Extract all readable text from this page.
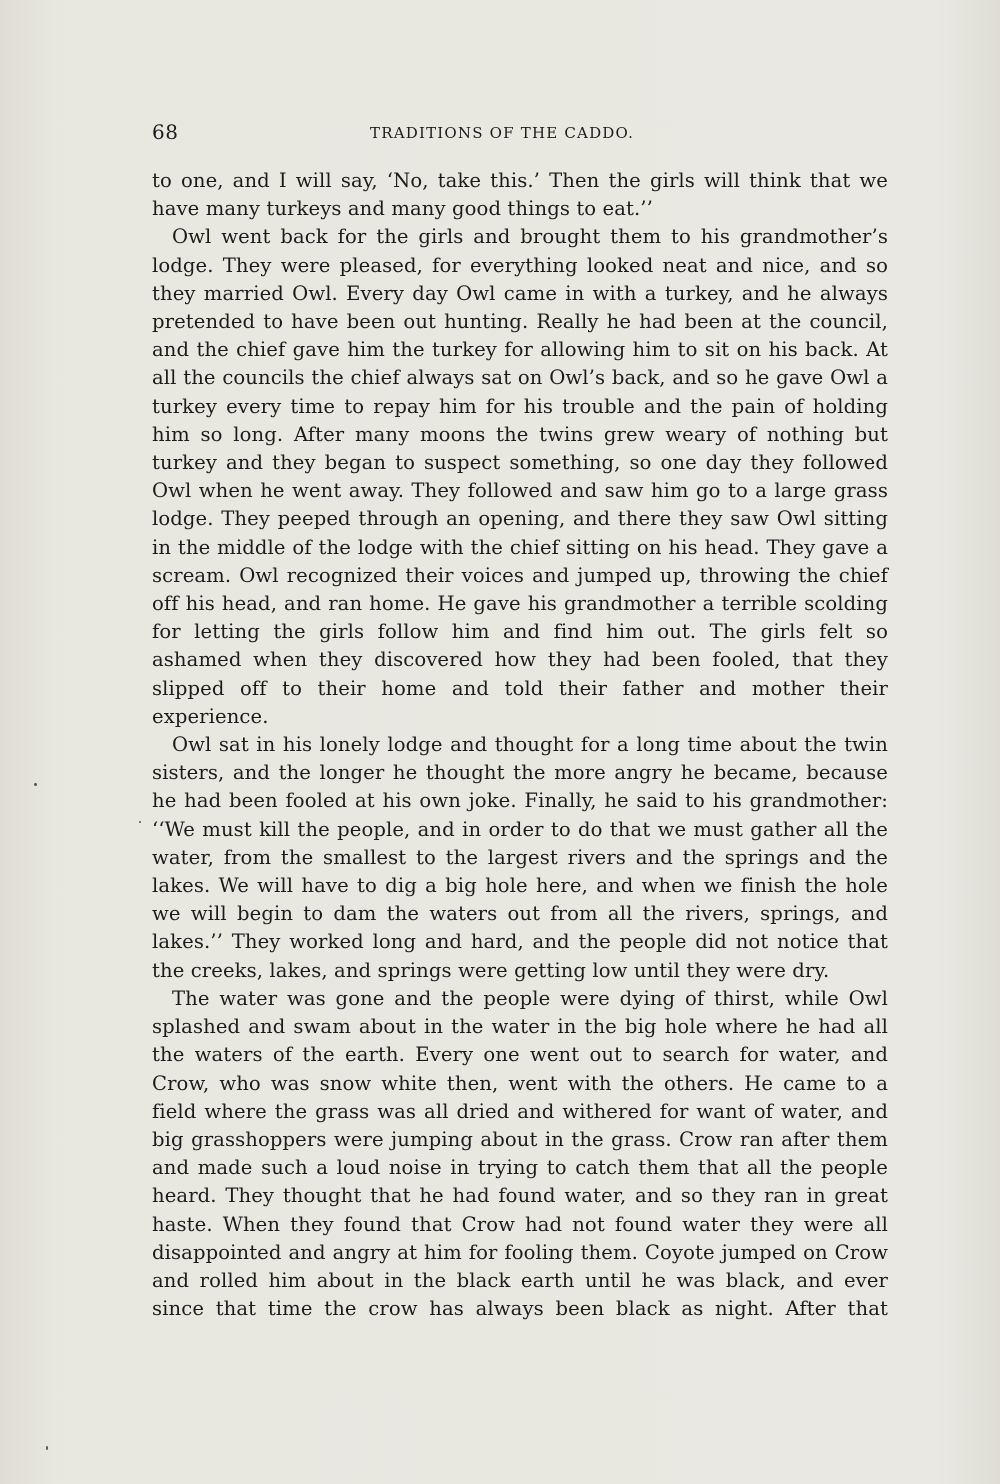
68	TRADITIONS OF THE CADDO.

to one, and I will say, ‘No, take this.’ Then the girls will think that we have many turkeys and many good things to eat.’’

Owl went back for the girls and brought them to his grandmother’s lodge. They were pleased, for everything looked neat and nice, and so they married Owl. Every day Owl came in with a turkey, and he always pretended to have been out hunting. Really he had been at the council, and the chief gave him the turkey for allowing him to sit on his back. At all the councils the chief always sat on Owl’s back, and so he gave Owl a turkey every time to repay him for his trouble and the pain of holding him so long. After many moons the twins grew weary of nothing but turkey and they began to suspect something, so one day they followed Owl when he went away. They followed and saw him go to a large grass lodge. They peeped through an opening, and there they saw Owl sitting in the middle of the lodge with the chief sitting on his head. They gave a scream. Owl recognized their voices and jumped up, throwing the chief off his head, and ran home. He gave his grandmother a terrible scolding for letting the girls follow him and find him out. The girls felt so ashamed when they discovered how they had been fooled, that they slipped off to their home and told their father and mother their experience.

Owl sat in his lonely lodge and thought for a long time about the twin sisters, and the longer he thought the more angry he became, because he had been fooled at his own joke. Finally, he said to his grandmother: ‘‘We must kill the people, and in order to do that we must gather all the water, from the smallest to the largest rivers and the springs and the lakes. We will have to dig a big hole here, and when we finish the hole we will begin to dam the waters out from all the rivers, springs, and lakes.’’ They worked long and hard, and the people did not notice that the creeks, lakes, and springs were getting low until they were dry.

The water was gone and the people were dying of thirst, while Owl splashed and swam about in the water in the big hole where he had all the waters of the earth. Every one went out to search for water, and Crow, who was snow white then, went with the others. He came to a field where the grass was all dried and withered for want of water, and big grasshoppers were jumping about in the grass. Crow ran after them and made such a loud noise in trying to catch them that all the people heard. They thought that he had found water, and so they ran in great haste. When they found that Crow had not found water they were all disappointed and angry at him for fooling them. Coyote jumped on Crow and rolled him about in the black earth until he was black, and ever since that time the crow has always been black as night. After that
